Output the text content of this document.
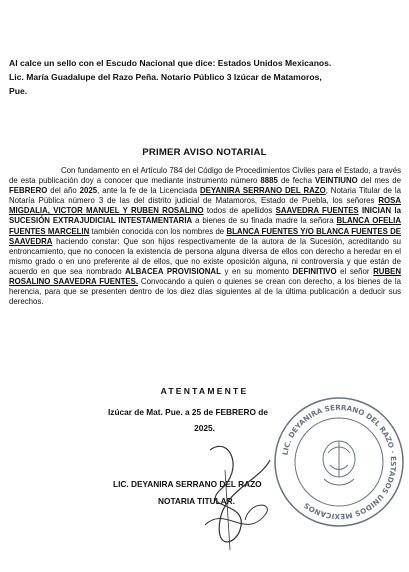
Al calce un sello con el Escudo Nacional que dice: Estados Unidos Mexicanos.
Lic. María Guadalupe del Razo Peña. Notario Público 3 Izúcar de Matamoros,
Pue.
PRIMER AVISO NOTARIAL
Con fundamento en el Artículo 784 del Código de Procedimientos Civiles para el Estado, a través de esta publicación doy a conocer que mediante instrumento número 8885 de fecha VEINTIUNO del mes de FEBRERO del año 2025, ante la fe de la Licenciada DEYANIRA SERRANO DEL RAZO, Notaria Titular de la Notaría Pública número 3 de las del distrito judicial de Matamoros, Estado de Puebla, los señores ROSA MIGDALIA, VICTOR MANUEL Y RUBEN ROSALINO todos de apellidos SAAVEDRA FUENTES INICIAN la SUCESIÓN EXTRAJUDICIAL INTESTAMENTARIA a bienes de su finada madre la señora BLANCA OFELIA FUENTES MARCELIN también conocida con los nombres de BLANCA FUENTES Y/O BLANCA FUENTES DE SAAVEDRA haciendo constar: Que son hijos respectivamente de la autora de la Sucesión, acreditando su entroncamiento, que no conocen la existencia de persona alguna diversa de ellos con derecho a heredar en el mismo grado o en uno preferente al de ellos, que no existe oposición alguna, ni controversia y que están de acuerdo en que sea nombrado ALBACEA PROVISIONAL y en su momento DEFINITIVO el señor RUBEN ROSALINO SAAVEDRA FUENTES. Convocando a quien o quienes se crean con derecho, a los bienes de la herencia, para que se presenten dentro de los diez días siguientes al de la última publicación a deducir sus derechos.
ATENTAMENTE
Izúcar de Mat. Pue. a 25 de FEBRERO de
2025.
LIC. DEYANIRA SERRANO DEL RAZO
NOTARIA TITULAR.
LIC. DEYANIRA SERRANO DEL RAZO · ESTADOS UNIDOS MEXICANOS
